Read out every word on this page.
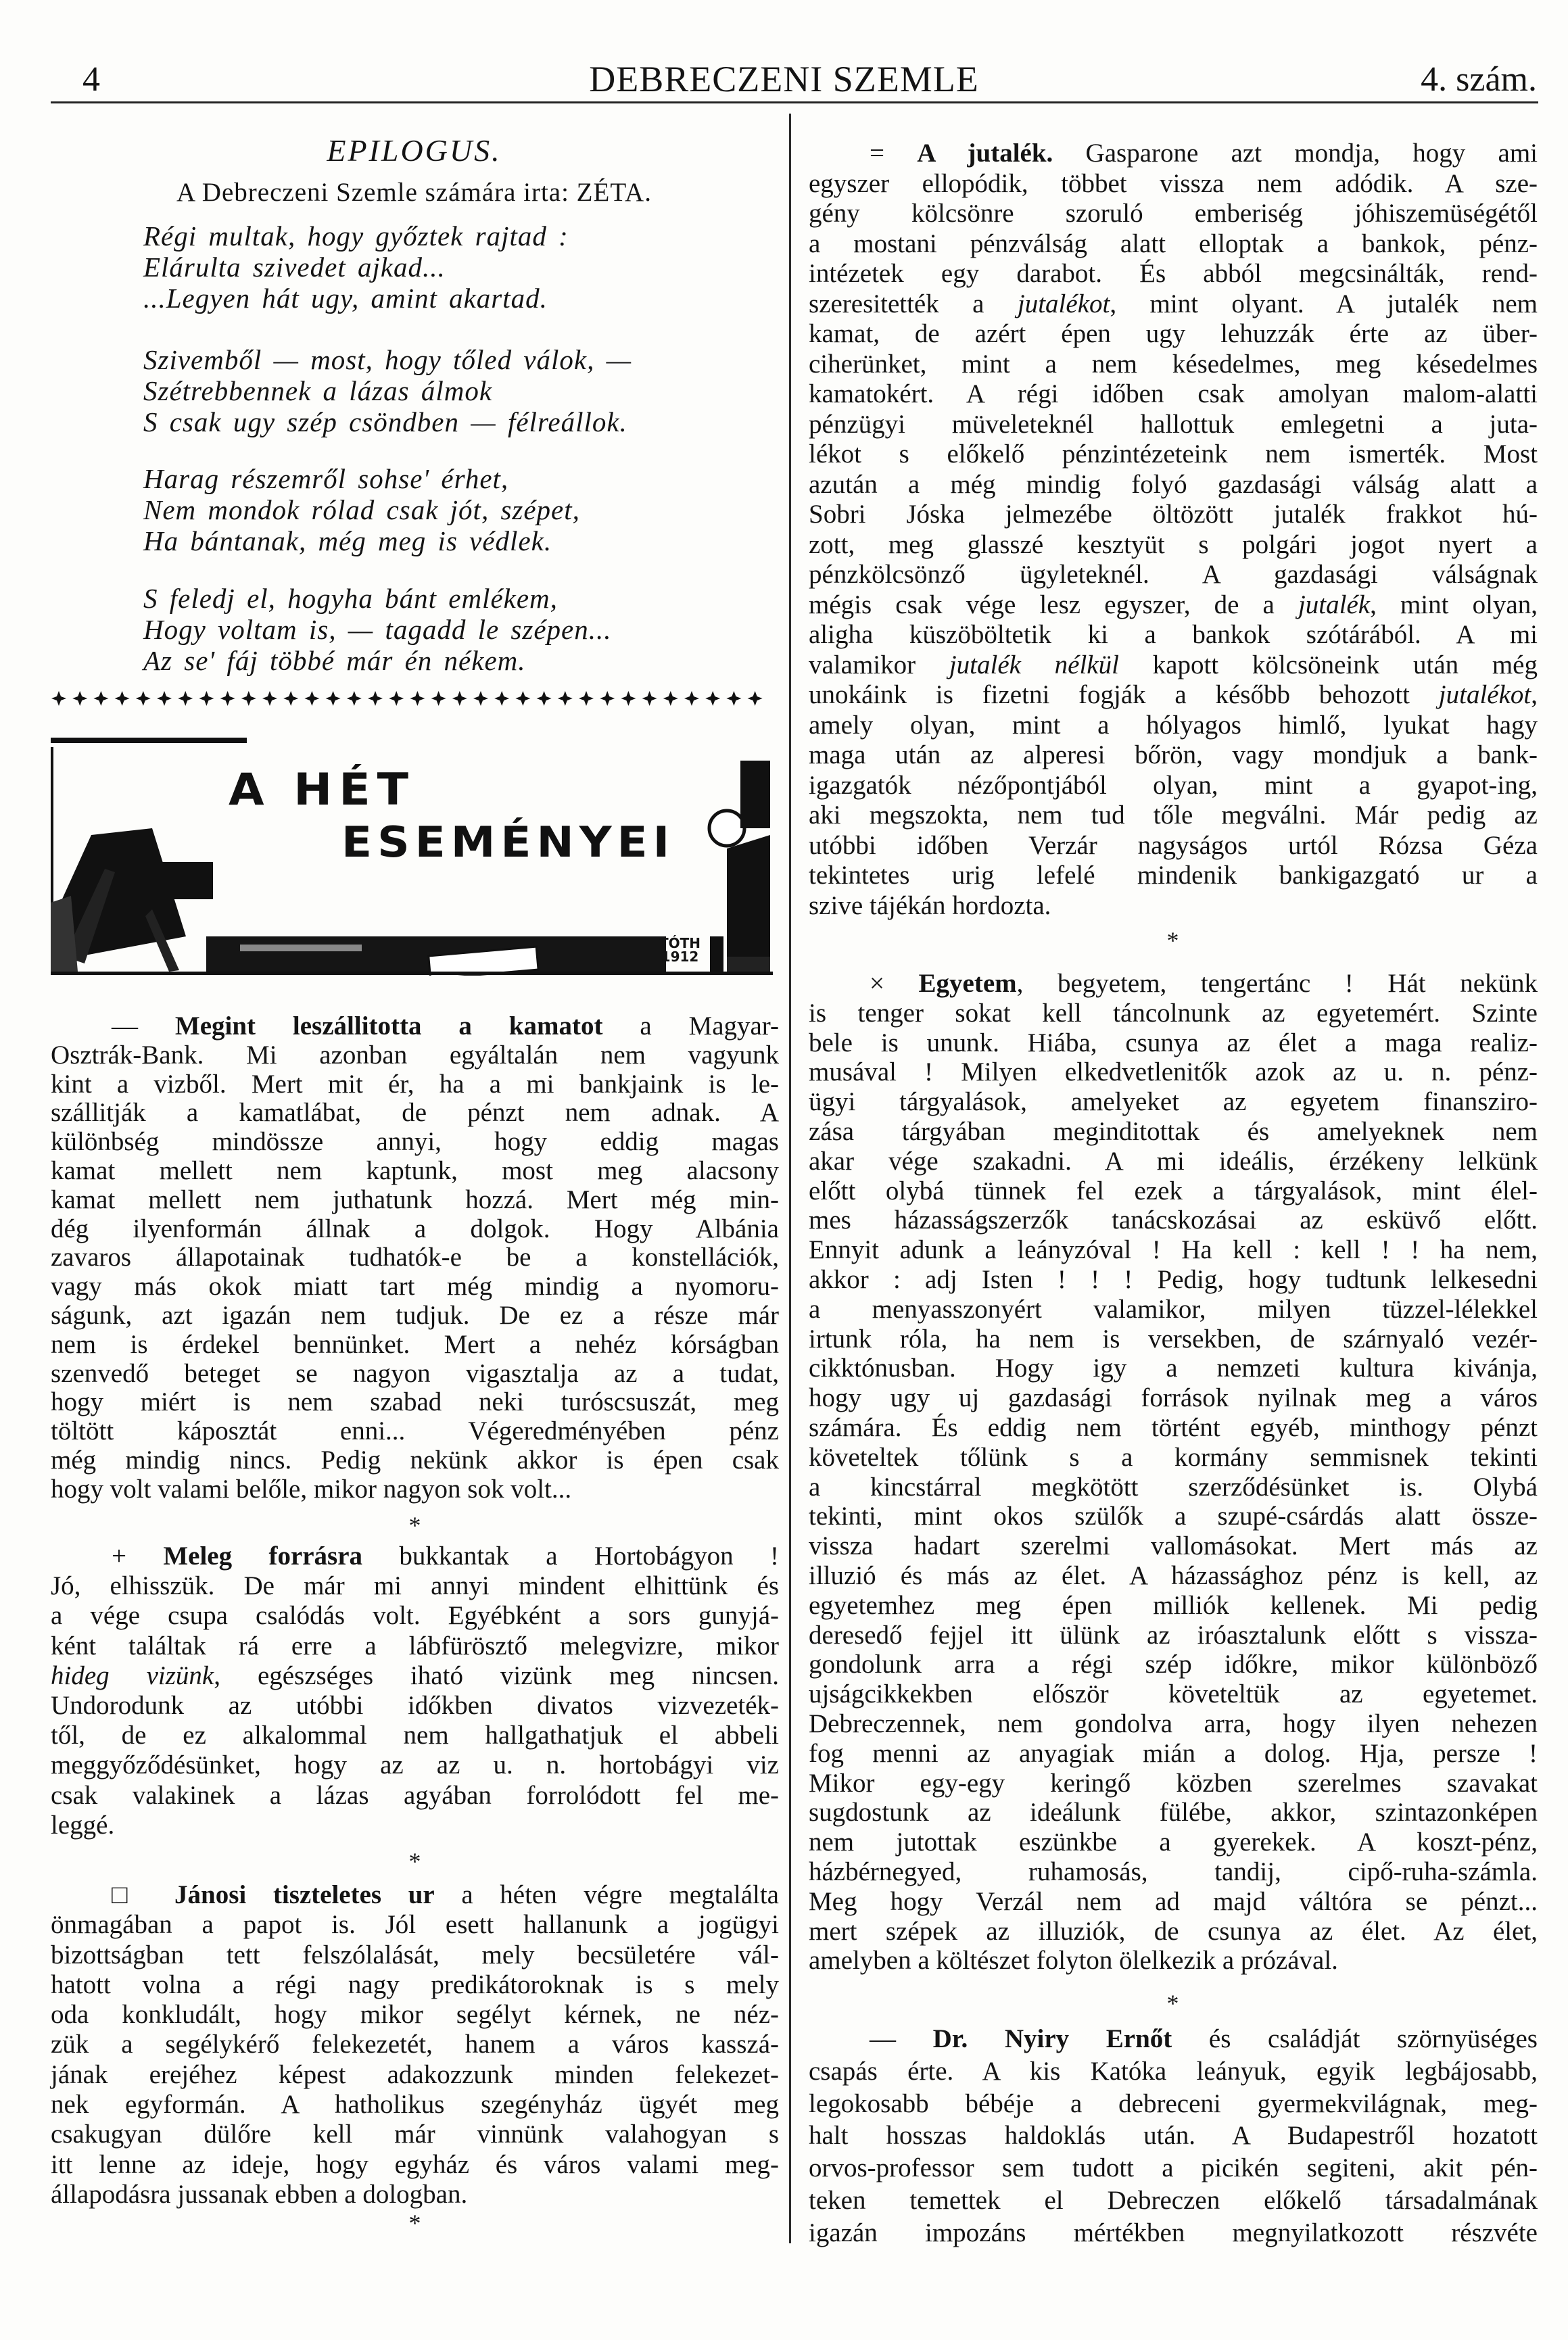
4	DEBRECZENI SZEMLE	4. szám.
EPILOGUS.
A Debreczeni Szemle számára irta: ZÉTA.
Régi multak, hogy győztek rajtad :
Elárulta szivedet ajkad...
...Legyen hát ugy, amint akartad.
Szivemből — most, hogy tőled válok, —
Szétrebbennek a lázas álmok
S csak ugy szép csöndben — félreállok.
Harag részemről sohse' érhet,
Nem mondok rólad csak jót, szépet,
Ha bántanak, még meg is védlek.
S feledj el, hogyha bánt emlékem,
Hogy voltam is, — tagadd le szépen...
Az se' fáj többé már én nékem.
A HÉT
ESEMÉNYEI
TÓTH
1912
— Megint leszállitotta a kamatot a Magyar-
Osztrák-Bank. Mi azonban egyáltalán nem vagyunk
kint a vizből. Mert mit ér, ha a mi bankjaink is le-
szállitják a kamatlábat, de pénzt nem adnak. A
különbség mindössze annyi, hogy eddig magas
kamat mellett nem kaptunk, most meg alacsony
kamat mellett nem juthatunk hozzá. Mert még min-
dég ilyenformán állnak a dolgok. Hogy Albánia
zavaros állapotainak tudhatók-e be a konstellációk,
vagy más okok miatt tart még mindig a nyomoru-
ságunk, azt igazán nem tudjuk. De ez a része már
nem is érdekel bennünket. Mert a nehéz kórságban
szenvedő beteget se nagyon vigasztalja az a tudat,
hogy miért is nem szabad neki turóscsuszát, meg
töltött káposztát enni... Végeredményében pénz
még mindig nincs. Pedig nekünk akkor is épen csak
hogy volt valami belőle, mikor nagyon sok volt...
+ Meleg forrásra bukkantak a Hortobágyon !
Jó, elhisszük. De már mi annyi mindent elhittünk és
a vége csupa csalódás volt. Egyébként a sors gunyjá-
ként találtak rá erre a lábfürösztő melegvizre, mikor
hideg vizünk, egészséges iható vizünk meg nincsen.
Undorodunk az utóbbi időkben divatos vizvezeték-
től, de ez alkalommal nem hallgathatjuk el abbeli
meggyőződésünket, hogy az az u. n. hortobágyi viz
csak valakinek a lázas agyában forrolódott fel me-
leggé.
□ Jánosi tiszteletes ur a héten végre megtalálta
önmagában a papot is. Jól esett hallanunk a jogügyi
bizottságban tett felszólalását, mely becsületére vál-
hatott volna a régi nagy predikátoroknak is s mely
oda konkludált, hogy mikor segélyt kérnek, ne néz-
zük a segélykérő felekezetét, hanem a város kasszá-
jának erejéhez képest adakozzunk minden felekezet-
nek egyformán. A hatholikus szegényház ügyét meg
csakugyan dülőre kell már vinnünk valahogyan s
itt lenne az ideje, hogy egyház és város valami meg-
állapodásra jussanak ebben a dologban.
*
*
*
= A jutalék. Gasparone azt mondja, hogy ami
egyszer ellopódik, többet vissza nem adódik. A sze-
gény kölcsönre szoruló emberiség jóhiszemüségétől
a mostani pénzválság alatt elloptak a bankok, pénz-
intézetek egy darabot. És abból megcsinálták, rend-
szeresitették a jutalékot, mint olyant. A jutalék nem
kamat, de azért épen ugy lehuzzák érte az über-
ciherünket, mint a nem késedelmes, meg késedelmes
kamatokért. A régi időben csak amolyan malom-alatti
pénzügyi müveleteknél hallottuk emlegetni a juta-
lékot s előkelő pénzintézeteink nem ismerték. Most
azután a még mindig folyó gazdasági válság alatt a
Sobri Jóska jelmezébe öltözött jutalék frakkot hú-
zott, meg glasszé kesztyüt s polgári jogot nyert a
pénzkölcsönző ügyleteknél. A gazdasági válságnak
mégis csak vége lesz egyszer, de a jutalék, mint olyan,
aligha küszöböltetik ki a bankok szótárából. A mi
valamikor jutalék nélkül kapott kölcsöneink után még
unokáink is fizetni fogják a később behozott jutalékot,
amely olyan, mint a hólyagos himlő, lyukat hagy
maga után az alperesi bőrön, vagy mondjuk a bank-
igazgatók nézőpontjából olyan, mint a gyapot-ing,
aki megszokta, nem tud tőle megválni. Már pedig az
utóbbi időben Verzár nagyságos urtól Rózsa Géza
tekintetes urig lefelé mindenik bankigazgató ur a
szive tájékán hordozta.
× Egyetem, begyetem, tengertánc ! Hát nekünk
is tenger sokat kell táncolnunk az egyetemért. Szinte
bele is ununk. Hiába, csunya az élet a maga realiz-
musával ! Milyen elkedvetlenitők azok az u. n. pénz-
ügyi tárgyalások, amelyeket az egyetem finansziro-
zása tárgyában meginditottak és amelyeknek nem
akar vége szakadni. A mi ideális, érzékeny lelkünk
előtt olybá tünnek fel ezek a tárgyalások, mint élel-
mes házasságszerzők tanácskozásai az esküvő előtt.
Ennyit adunk a leányzóval ! Ha kell : kell ! ! ha nem,
akkor : adj Isten ! ! ! Pedig, hogy tudtunk lelkesedni
a menyasszonyért valamikor, milyen tüzzel-lélekkel
irtunk róla, ha nem is versekben, de szárnyaló vezér-
cikktónusban. Hogy igy a nemzeti kultura kivánja,
hogy ugy uj gazdasági források nyilnak meg a város
számára. És eddig nem történt egyéb, minthogy pénzt
követeltek tőlünk s a kormány semmisnek tekinti
a kincstárral megkötött szerződésünket is. Olybá
tekinti, mint okos szülők a szupé-csárdás alatt össze-
vissza hadart szerelmi vallomásokat. Mert más az
illuzió és más az élet. A házassághoz pénz is kell, az
egyetemhez meg épen milliók kellenek. Mi pedig
deresedő fejjel itt ülünk az iróasztalunk előtt s vissza-
gondolunk arra a régi szép időkre, mikor különböző
ujságcikkekben először követeltük az egyetemet.
Debreczennek, nem gondolva arra, hogy ilyen nehezen
fog menni az anyagiak mián a dolog. Hja, persze !
Mikor egy-egy keringő közben szerelmes szavakat
sugdostunk az ideálunk fülébe, akkor, szintazonképen
nem jutottak eszünkbe a gyerekek. A koszt-pénz,
házbérnegyed, ruhamosás, tandij, cipő-ruha-számla.
Meg hogy Verzál nem ad majd váltóra se pénzt...
mert szépek az illuziók, de csunya az élet. Az élet,
amelyben a költészet folyton ölelkezik a prózával.
— Dr. Nyiry Ernőt és családját szörnyüséges
csapás érte. A kis Katóka leányuk, egyik legbájosabb,
legokosabb bébéje a debreceni gyermekvilágnak, meg-
halt hosszas haldoklás után. A Budapestről hozatott
orvos-professor sem tudott a picikén segiteni, akit pén-
teken temettek el Debreczen előkelő társadalmának
igazán impozáns mértékben megnyilatkozott részvéte
*
*
